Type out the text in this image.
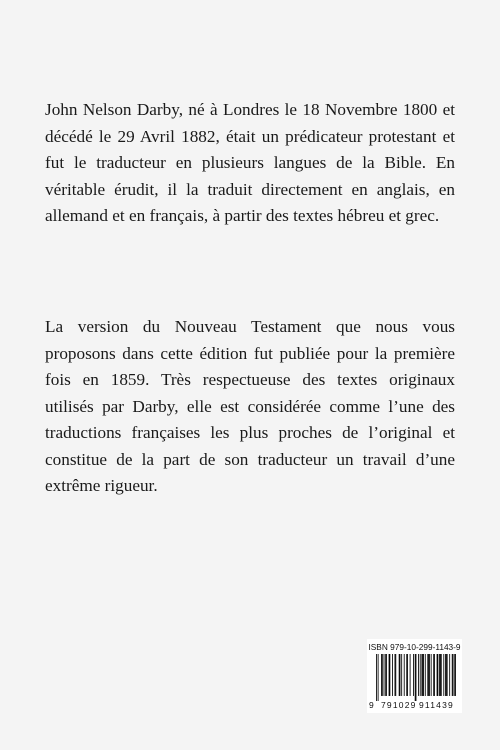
John Nelson Darby, né à Londres le 18 Novembre 1800 et décédé le 29 Avril 1882, était un prédicateur protestant et fut le traducteur en plusieurs langues de la Bible. En véritable érudit, il la traduit directement en anglais, en allemand et en français, à partir des textes hébreu et grec.

La version du Nouveau Testament que nous vous proposons dans cette édition fut publiée pour la première fois en 1859. Très respectueuse des textes originaux utilisés par Darby, elle est considérée comme l’une des traductions françaises les plus proches de l’original et constitue de la part de son traducteur un travail d’une extrême rigueur.

ISBN 979-10-299-1143-9
9 791029 911439
